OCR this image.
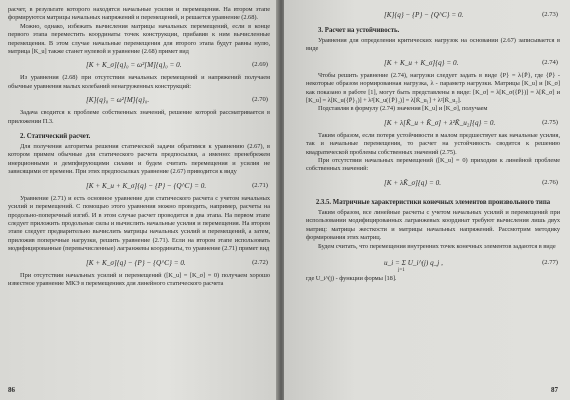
расчет, в результате которого находятся начальные усилия и перемещения. На втором этапе формируются матрицы начальных напряжений и перемещений, и решается уравнение (2.68).

Можно, однако, избежать вычисления матрицы начальных перемещений, если в конце первого этапа переместить координаты точек конструкции, прибавив к ним вычисленные перемещения. В этом случае начальные перемещения для второго этапа будут равны нулю, матрица [K_u] также станет нулевой и уравнение (2.68) примет вид

[K + K_σ]{q}₀ = ω²[M]{q}₀ = 0.	(2.69)

Из уравнения (2.68) при отсутствии начальных перемещений и напряжений получаем обычные уравнения малых колебаний ненагруженных конструкций:

[K]{q}₀ = ω²[M]{q}₀.	(2.70)

Задача сводится к проблеме собственных значений, решение которой рассматривается в приложении П.3.

2. Статический расчет.

Для получения алгоритма решения статической задачи обратимся к уравнению (2.67), в котором примем обычные для статического расчета предпосылки, а именно: пренебрежем инерционными и демпфирующими силами и будем считать перемещения и усилия не зависящими от времени. При этих предпосылках уравнение (2.67) приводится к виду

[K + K_u + K_σ]{q} − {P} − {Q^C} = 0.	(2.71)

Уравнение (2.71) и есть основное уравнение для статического расчета с учетом начальных усилий и перемещений. С помощью этого уравнения можно проводить, например, расчеты на продольно-поперечный изгиб. И в этом случае расчет проводится в два этапа. На первом этапе следует приложить продольные силы и вычислить начальные усилия и перемещения. На втором этапе следует предварительно вычислить матрицы начальных усилий и перемещений, а затем, приложив поперечные нагрузки, решить уравнение (2.71). Если на втором этапе использовать модифицированные (перевычисленные) лагранжевы координаты, то уравнение (2.71) примет вид

[K + K_σ]{q} − {P} − {Q^C} = 0.	(2.72)

При отсутствии начальных усилий и перемещений ([K_u] = [K_σ] = 0) получаем хорошо известное уравнение МКЭ в перемещениях для линейного статического расчета

86
[K]{q} − {P} − {Q^C} = 0.	(2.73)
3. Расчет на устойчивость.

Уравнения для определения критических нагрузок на основании (2.67) записывается в виде

[K + K_u + K_σ]{q} = 0.	(2.74)

Чтобы решить уравнение (2.74), нагрузки следует задать в виде {P} = λ{P̄}, где {P̄} - некоторые образом нормированная нагрузка, λ - параметр нагрузки. Матрицы [K_u] и [K_σ] как показано в работе [1], могут быть представлены в виде: [K_σ] = λ[K_σ({P̄})] = λ[K̄_σ] и [K_u] = λ[K_u({P̄}₁)] + λ²[K_u({P̄}₂)] = λ[K̄_u₁] + λ²[K̄_u₂].

Подставляя в формулу (2.74) значения [K_u] и [K_σ], получаем

[K + λ[K̄_u + K̄_σ] + λ²K̄_u₂]{q} = 0.	(2.75)

Таким образом, если потеря устойчивости в малом предшествует как начальные усилия, так и начальные перемещения, то расчет на устойчивость сводится к решению квадратической проблемы собственных значений (2.75).

При отсутствии начальных перемещений ([K_u] = 0) приходим к линейной проблеме собственных значений:

[K + λK̄_σ]{q} = 0.	(2.76)
2.3.5. Матричные характеристики конечных элементов произвольного типа

Таким образом, все линейные расчеты с учетом начальных усилий и перемещений при использовании модифицированных лагранжевых координат требуют вычисления лишь двух матриц: матрицы жесткости и матрицы начальных напряжений. Рассмотрим методику формирования этих матриц.

Будем считать, что перемещения внутренних точек конечных элементов задаются в виде

u_i = Σ U_i^(j) q_j ,
j=1
(2.77)

где U_i^(j) - функции формы [18].

87
